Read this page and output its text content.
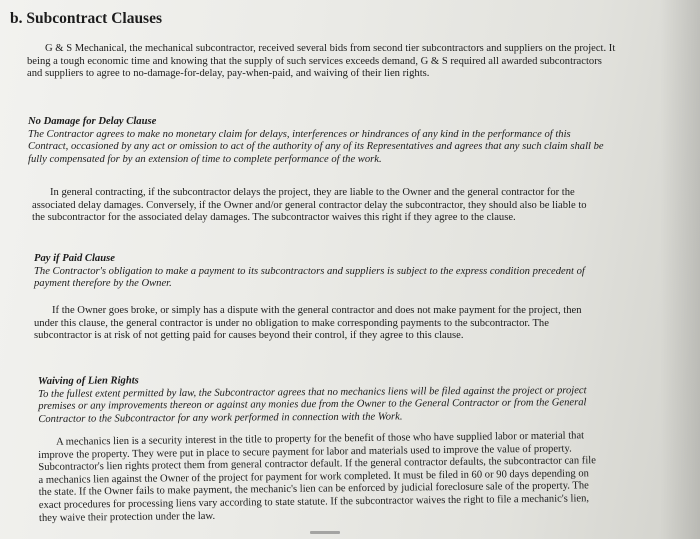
b. Subcontract Clauses

G & S Mechanical, the mechanical subcontractor, received several bids from second tier subcontractors and suppliers on the project. It being a tough economic time and knowing that the supply of such services exceeds demand, G & S required all awarded subcontractors and suppliers to agree to no-damage-for-delay, pay-when-paid, and waiving of their lien rights.

No Damage for Delay Clause
The Contractor agrees to make no monetary claim for delays, interferences or hindrances of any kind in the performance of this Contract, occasioned by any act or omission to act of the authority of any of its Representatives and agrees that any such claim shall be fully compensated for by an extension of time to complete performance of the work.

In general contracting, if the subcontractor delays the project, they are liable to the Owner and the general contractor for the associated delay damages. Conversely, if the Owner and/or general contractor delay the subcontractor, they should also be liable to the subcontractor for the associated delay damages. The subcontractor waives this right if they agree to the clause.

Pay if Paid Clause
The Contractor's obligation to make a payment to its subcontractors and suppliers is subject to the express condition precedent of payment therefore by the Owner.

If the Owner goes broke, or simply has a dispute with the general contractor and does not make payment for the project, then under this clause, the general contractor is under no obligation to make corresponding payments to the subcontractor. The subcontractor is at risk of not getting paid for causes beyond their control, if they agree to this clause.

Waiving of Lien Rights
To the fullest extent permitted by law, the Subcontractor agrees that no mechanics liens will be filed against the project or project premises or any improvements thereon or against any monies due from the Owner to the General Contractor or from the General Contractor to the Subcontractor for any work performed in connection with the Work.

A mechanics lien is a security interest in the title to property for the benefit of those who have supplied labor or material that improve the property. They were put in place to secure payment for labor and materials used to improve the value of property. Subcontractor's lien rights protect them from general contractor default. If the general contractor defaults, the subcontractor can file a mechanics lien against the Owner of the project for payment for work completed. It must be filed in 60 or 90 days depending on the state. If the Owner fails to make payment, the mechanic's lien can be enforced by judicial foreclosure sale of the property. The exact procedures for processing liens vary according to state statute. If the subcontractor waives the right to file a mechanic's lien, they waive their protection under the law.
